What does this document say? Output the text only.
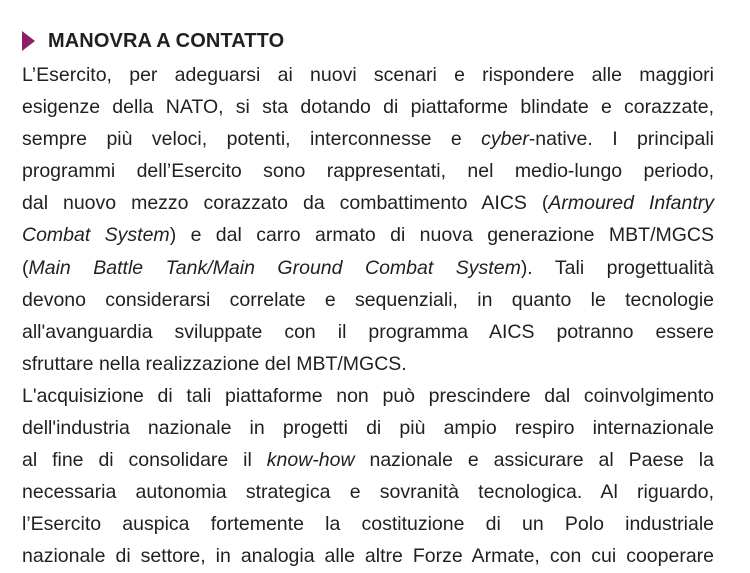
MANOVRA A CONTATTO
L’Esercito, per adeguarsi ai nuovi scenari e rispondere alle maggiori
esigenze della NATO, si sta dotando di piattaforme blindate e corazzate,
sempre più veloci, potenti, interconnesse e cyber-native. I principali
programmi dell’Esercito sono rappresentati, nel medio-lungo periodo,
dal nuovo mezzo corazzato da combattimento AICS (Armoured Infantry
Combat System) e dal carro armato di nuova generazione MBT/MGCS
(Main Battle Tank/Main Ground Combat System). Tali progettualità
devono considerarsi correlate e sequenziali, in quanto le tecnologie
all'avanguardia sviluppate con il programma AICS potranno essere
sfruttare nella realizzazione del MBT/MGCS.
L'acquisizione di tali piattaforme non può prescindere dal coinvolgimento
dell'industria nazionale in progetti di più ampio respiro internazionale
al fine di consolidare il know-how nazionale e assicurare al Paese la
necessaria autonomia strategica e sovranità tecnologica. Al riguardo,
l’Esercito auspica fortemente la costituzione di un Polo industriale
nazionale di settore, in analogia alle altre Forze Armate, con cui cooperare
